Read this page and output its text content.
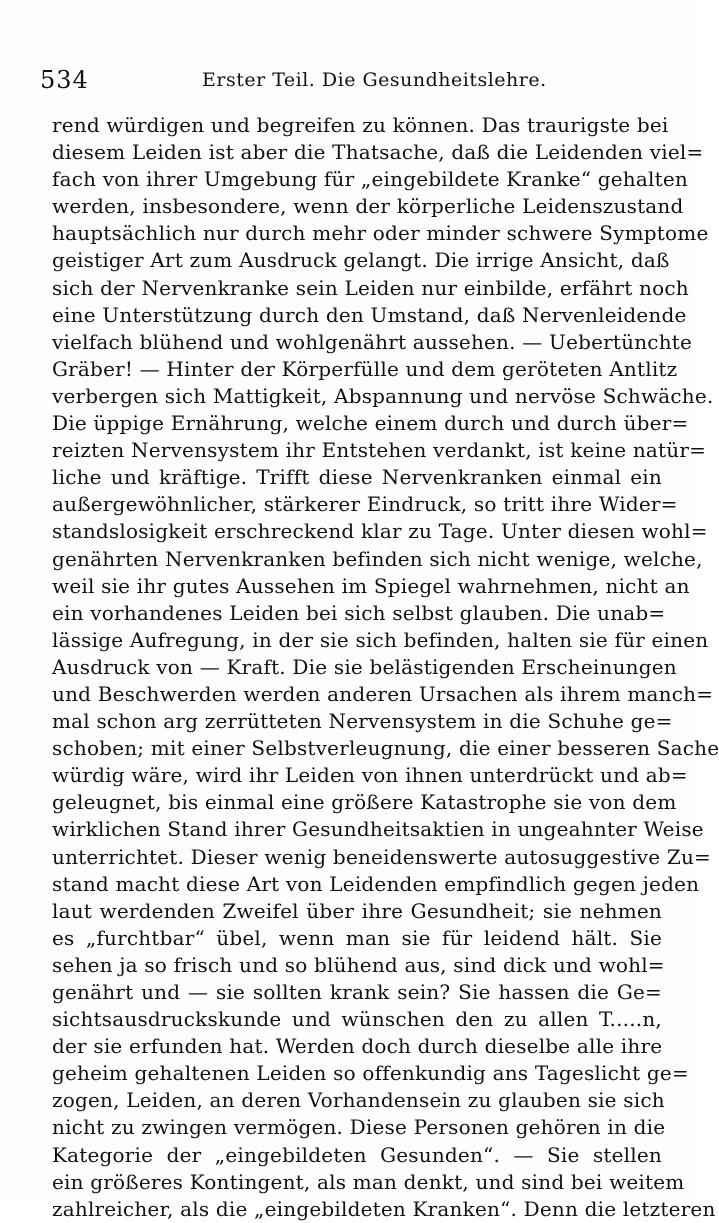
534	Erster Teil. Die Gesundheitslehre.
rend würdigen und begreifen zu können. Das traurigste bei
diesem Leiden ist aber die Thatsache, daß die Leidenden viel=
fach von ihrer Umgebung für „eingebildete Kranke“ gehalten
werden, insbesondere, wenn der körperliche Leidenszustand
hauptsächlich nur durch mehr oder minder schwere Symptome
geistiger Art zum Ausdruck gelangt. Die irrige Ansicht, daß
sich der Nervenkranke sein Leiden nur einbilde, erfährt noch
eine Unterstützung durch den Umstand, daß Nervenleidende
vielfach blühend und wohlgenährt aussehen. — Uebertünchte
Gräber! — Hinter der Körperfülle und dem geröteten Antlitz
verbergen sich Mattigkeit, Abspannung und nervöse Schwäche.
Die üppige Ernährung, welche einem durch und durch über=
reizten Nervensystem ihr Entstehen verdankt, ist keine natür=
liche und kräftige. Trifft diese Nervenkranken einmal ein
außergewöhnlicher, stärkerer Eindruck, so tritt ihre Wider=
standslosigkeit erschreckend klar zu Tage. Unter diesen wohl=
genährten Nervenkranken befinden sich nicht wenige, welche,
weil sie ihr gutes Aussehen im Spiegel wahrnehmen, nicht an
ein vorhandenes Leiden bei sich selbst glauben. Die unab=
lässige Aufregung, in der sie sich befinden, halten sie für einen
Ausdruck von — Kraft. Die sie belästigenden Erscheinungen
und Beschwerden werden anderen Ursachen als ihrem manch=
mal schon arg zerrütteten Nervensystem in die Schuhe ge=
schoben; mit einer Selbstverleugnung, die einer besseren Sache
würdig wäre, wird ihr Leiden von ihnen unterdrückt und ab=
geleugnet, bis einmal eine größere Katastrophe sie von dem
wirklichen Stand ihrer Gesundheitsaktien in ungeahnter Weise
unterrichtet. Dieser wenig beneidenswerte autosuggestive Zu=
stand macht diese Art von Leidenden empfindlich gegen jeden
laut werdenden Zweifel über ihre Gesundheit; sie nehmen
es „furchtbar“ übel, wenn man sie für leidend hält. Sie
sehen ja so frisch und so blühend aus, sind dick und wohl=
genährt und — sie sollten krank sein? Sie hassen die Ge=
sichtsausdruckskunde und wünschen den zu allen T.....n,
der sie erfunden hat. Werden doch durch dieselbe alle ihre
geheim gehaltenen Leiden so offenkundig ans Tageslicht ge=
zogen, Leiden, an deren Vorhandensein zu glauben sie sich
nicht zu zwingen vermögen. Diese Personen gehören in die
Kategorie der „eingebildeten Gesunden“. — Sie stellen
ein größeres Kontingent, als man denkt, und sind bei weitem
zahlreicher, als die „eingebildeten Kranken“. Denn die letzteren
